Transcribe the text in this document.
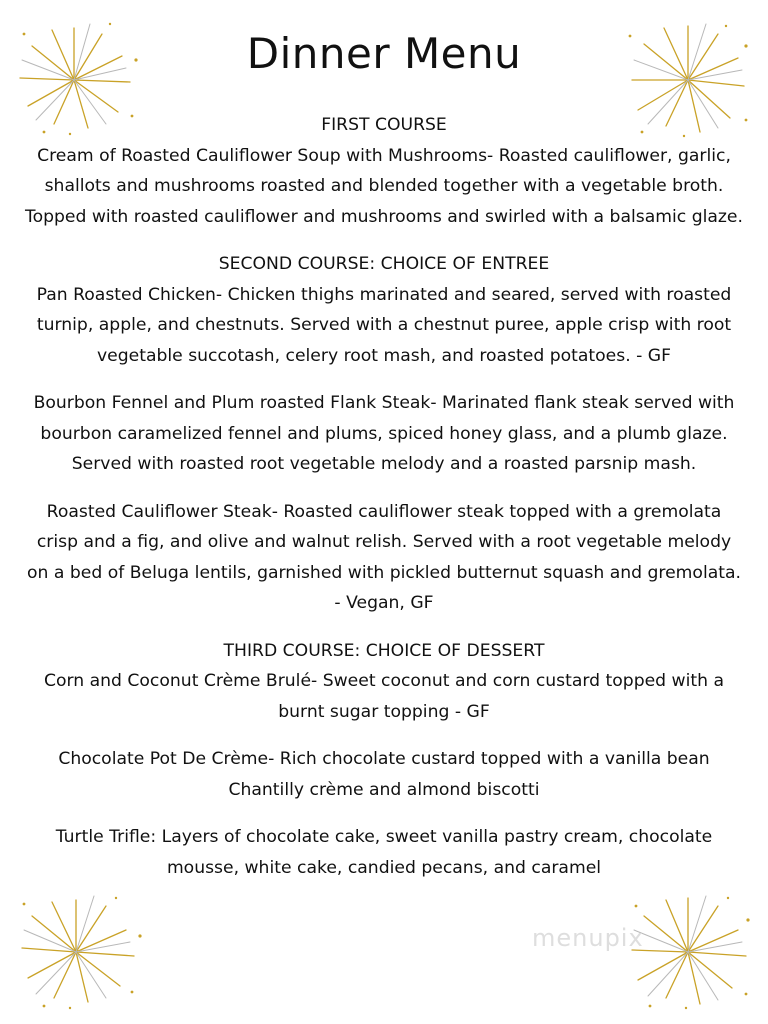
Dinner Menu

FIRST COURSE

Cream of Roasted Cauliflower Soup with Mushrooms- Roasted cauliflower, garlic, shallots and mushrooms roasted and blended together with a vegetable broth. Topped with roasted cauliflower and mushrooms and swirled with a balsamic glaze.

SECOND COURSE: CHOICE OF ENTREE

Pan Roasted Chicken- Chicken thighs marinated and seared, served with roasted turnip, apple, and chestnuts. Served with a chestnut puree, apple crisp with root vegetable succotash, celery root mash, and roasted potatoes. - GF

Bourbon Fennel and Plum roasted Flank Steak- Marinated flank steak served with bourbon caramelized fennel and plums, spiced honey glass, and a plumb glaze. Served with roasted root vegetable melody and a roasted parsnip mash.

Roasted Cauliflower Steak- Roasted cauliflower steak topped with a gremolata crisp and a fig, and olive and walnut relish. Served with a root vegetable melody on a bed of Beluga lentils, garnished with pickled butternut squash and gremolata. - Vegan, GF

THIRD COURSE: CHOICE OF DESSERT

Corn and Coconut Crème Brulé- Sweet coconut and corn custard topped with a burnt sugar topping - GF

Chocolate Pot De Crème- Rich chocolate custard topped with a vanilla bean Chantilly crème and almond biscotti

Turtle Trifle: Layers of chocolate cake, sweet vanilla pastry cream, chocolate mousse, white cake, candied pecans, and caramel

menupix
